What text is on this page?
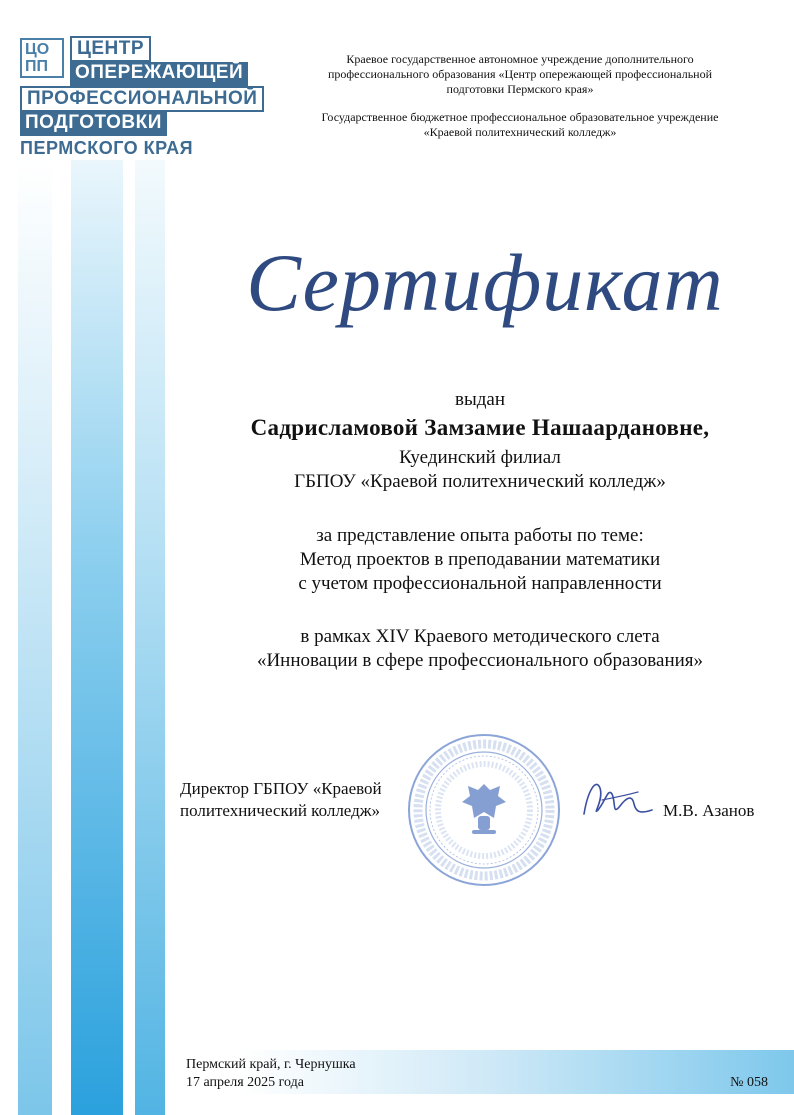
ЦО
ПП
ЦЕНТР
ОПЕРЕЖАЮЩЕЙ
ПРОФЕССИОНАЛЬНОЙ
ПОДГОТОВКИ
ПЕРМСКОГО КРАЯ
Краевое государственное автономное учреждение дополнительного
профессионального образования «Центр опережающей профессиональной
подготовки Пермского края»
Государственное бюджетное профессиональное образовательное учреждение
«Краевой политехнический колледж»
Сертификат
выдан
Садрисламовой Замзамие Нашаардановне,
Куединский филиал
ГБПОУ «Краевой политехнический колледж»
за представление опыта работы по теме:
Метод проектов в преподавании математики
с учетом профессиональной направленности
в рамках XIV Краевого методического слета
«Инновации в сфере профессионального образования»
Директор ГБПОУ «Краевой
политехнический колледж»	М.В. Азанов
Пермский край, г. Чернушка
17 апреля 2025 года	№ 058
